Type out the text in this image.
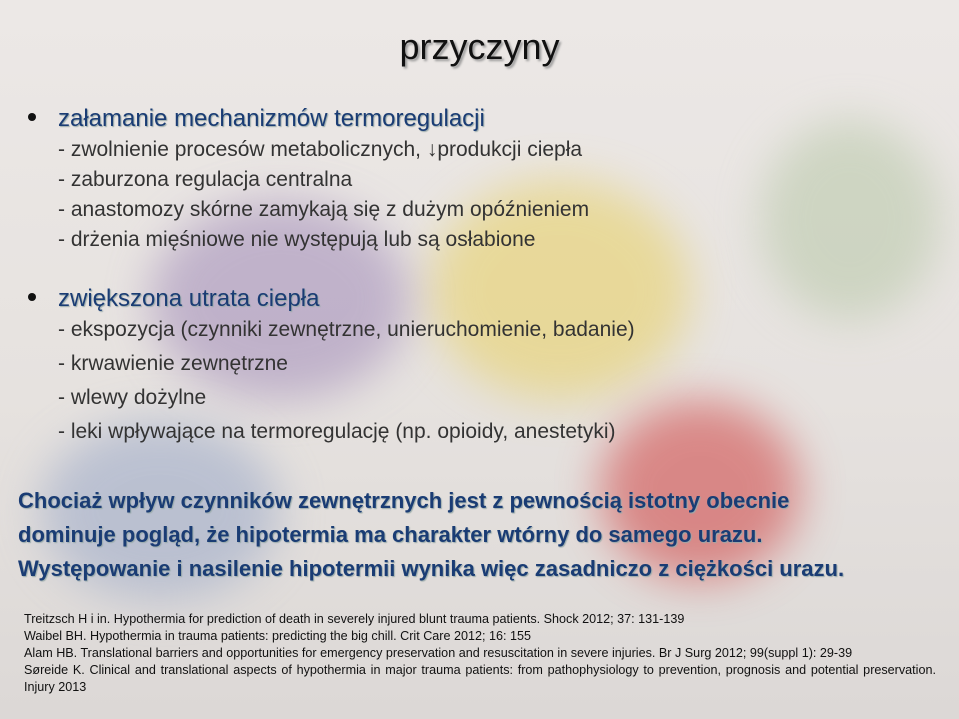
przyczyny

załamanie mechanizmów termoregulacji

- zwolnienie procesów metabolicznych, ↓produkcji ciepła
- zaburzona regulacja centralna
- anastomozy skórne zamykają się z dużym opóźnieniem
- drżenia mięśniowe nie występują lub są osłabione

zwiększona utrata ciepła

- ekspozycja (czynniki zewnętrzne, unieruchomienie, badanie)
- krwawienie zewnętrzne
- wlewy dożylne
- leki wpływające na termoregulację (np. opioidy, anestetyki)

Chociaż wpływ czynników zewnętrznych jest z pewnością istotny obecnie

dominuje pogląd, że hipotermia ma charakter wtórny do samego urazu.

Występowanie i nasilenie hipotermii wynika więc zasadniczo z ciężkości urazu.

Treitzsch H i in. Hypothermia for prediction of death in severely injured blunt trauma patients. Shock 2012; 37: 131-139

Waibel BH. Hypothermia in trauma patients: predicting the big chill. Crit Care 2012; 16: 155

Alam HB. Translational barriers and opportunities for emergency preservation and resuscitation in severe injuries. Br J Surg 2012; 99(suppl 1): 29-39

Søreide K. Clinical and translational aspects of hypothermia in major trauma patients: from pathophysiology to prevention, prognosis and potential preservation. Injury 2013
